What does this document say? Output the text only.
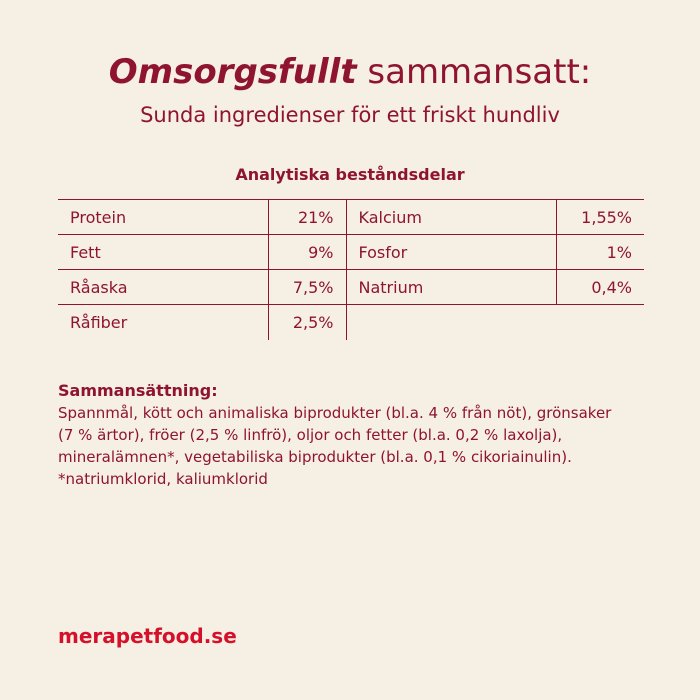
Omsorgsfullt sammansatt:
Sunda ingredienser för ett friskt hundliv
Analytiska beståndsdelar
Protein	21%	Kalcium	1,55%
Fett	9%	Fosfor	1%
Råaska	7,5%	Natrium	0,4%
Råfiber	2,5%		
Sammansättning:
Spannmål, kött och animaliska biprodukter (bl.a. 4 % från nöt), grönsaker
(7 % ärtor), fröer (2,5 % linfrö), oljor och fetter (bl.a. 0,2 % laxolja),
mineralämnen*, vegetabiliska biprodukter (bl.a. 0,1 % cikoriainulin).
*natriumklorid, kaliumklorid
merapetfood.se
